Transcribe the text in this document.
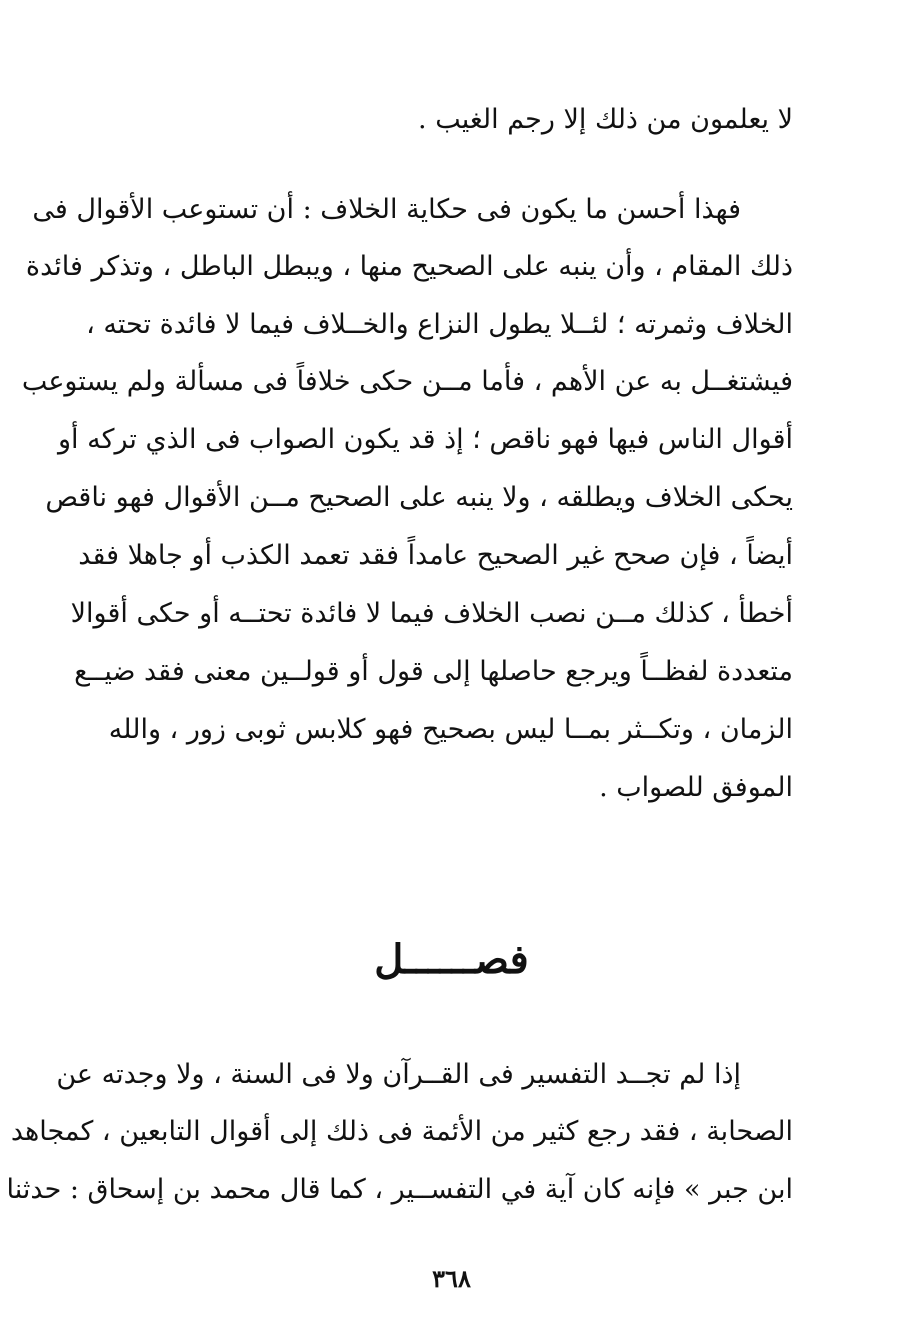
لا يعلمون من ذلك إلا رجم الغيب .
فهذا أحسن ما يكون فى حكاية الخلاف : أن تستوعب الأقوال فى
ذلك المقام ، وأن ينبه على الصحيح منها ، ويبطل الباطل ، وتذكر فائدة
الخلاف وثمرته ؛ لئــلا يطول النزاع والخــلاف فيما لا فائدة تحته ،
فيشتغــل به عن الأهم ، فأما مــن حكى خلافاً فى مسألة ولم يستوعب
أقوال الناس فيها فهو ناقص ؛ إذ قد يكون الصواب فى الذي تركه أو
يحكى الخلاف ويطلقه ، ولا ينبه على الصحيح مــن الأقوال فهو ناقص
أيضاً ، فإن صحح غير الصحيح عامداً فقد تعمد الكذب أو جاهلا فقد
أخطأ ، كذلك مــن نصب الخلاف فيما لا فائدة تحتــه أو حكى أقوالا
متعددة لفظــاً ويرجع حاصلها إلى قول أو قولــين معنى فقد ضيــع
الزمان ، وتكــثر بمــا ليس بصحيح فهو كلابس ثوبى زور ، والله
الموفق للصواب .
فصــــــل
إذا لم تجــد التفسير فى القــرآن ولا فى السنة ، ولا وجدته عن
الصحابة ، فقد رجع كثير من الأئمة فى ذلك إلى أقوال التابعين ، كمجاهد
ابن جبر » فإنه كان آية في التفســير ، كما قال محمد بن إسحاق : حدثنا
٣٦٨
